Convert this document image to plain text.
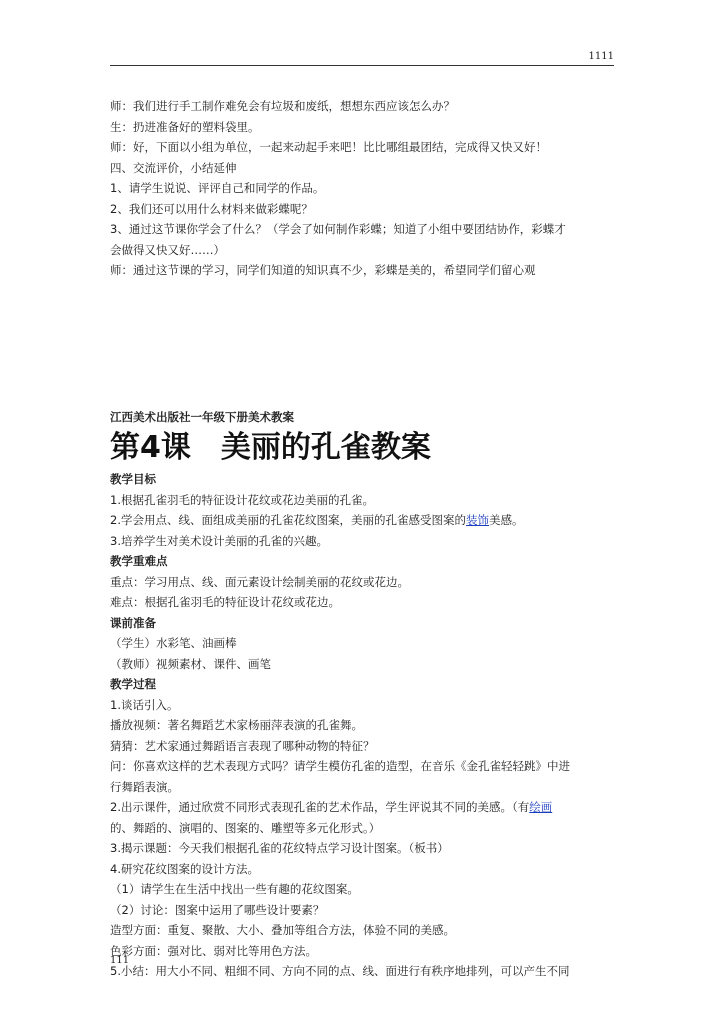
1111

师：我们进行手工制作难免会有垃圾和废纸，想想东西应该怎么办？

生：扔进准备好的塑料袋里。

师：好，下面以小组为单位，一起来动起手来吧！比比哪组最团结，完成得又快又好！

四、交流评价，小结延伸

1、请学生说说、评评自己和同学的作品。

2、我们还可以用什么材料来做彩蝶呢？

3、通过这节课你学会了什么？（学会了如何制作彩蝶；知道了小组中要团结协作，彩蝶才

会做得又快又好……）

师：通过这节课的学习，同学们知道的知识真不少，彩蝶是美的，希望同学们留心观

江西美术出版社一年级下册美术教案
第4课　美丽的孔雀教案
教学目标

1.根据孔雀羽毛的特征设计花纹或花边美丽的孔雀。

2.学会用点、线、面组成美丽的孔雀花纹图案，美丽的孔雀感受图案的装饰美感。

3.培养学生对美术设计美丽的孔雀的兴趣。

教学重难点

重点：学习用点、线、面元素设计绘制美丽的花纹或花边。

难点：根据孔雀羽毛的特征设计花纹或花边。

课前准备

（学生）水彩笔、油画棒

（教师）视频素材、课件、画笔

教学过程

1.谈话引入。

播放视频：著名舞蹈艺术家杨丽萍表演的孔雀舞。

猜猜：艺术家通过舞蹈语言表现了哪种动物的特征？

问：你喜欢这样的艺术表现方式吗？请学生模仿孔雀的造型，在音乐《金孔雀轻轻跳》中进

行舞蹈表演。

2.出示课件，通过欣赏不同形式表现孔雀的艺术作品，学生评说其不同的美感。（有绘画

的、舞蹈的、演唱的、图案的、雕塑等多元化形式。）

3.揭示课题：今天我们根据孔雀的花纹特点学习设计图案。（板书）

4.研究花纹图案的设计方法。

（1）请学生在生活中找出一些有趣的花纹图案。

（2）讨论：图案中运用了哪些设计要素？

造型方面：重复、聚散、大小、叠加等组合方法，体验不同的美感。

色彩方面：强对比、弱对比等用色方法。

5.小结：用大小不同、粗细不同、方向不同的点、线、面进行有秩序地排列，可以产生不同

111
